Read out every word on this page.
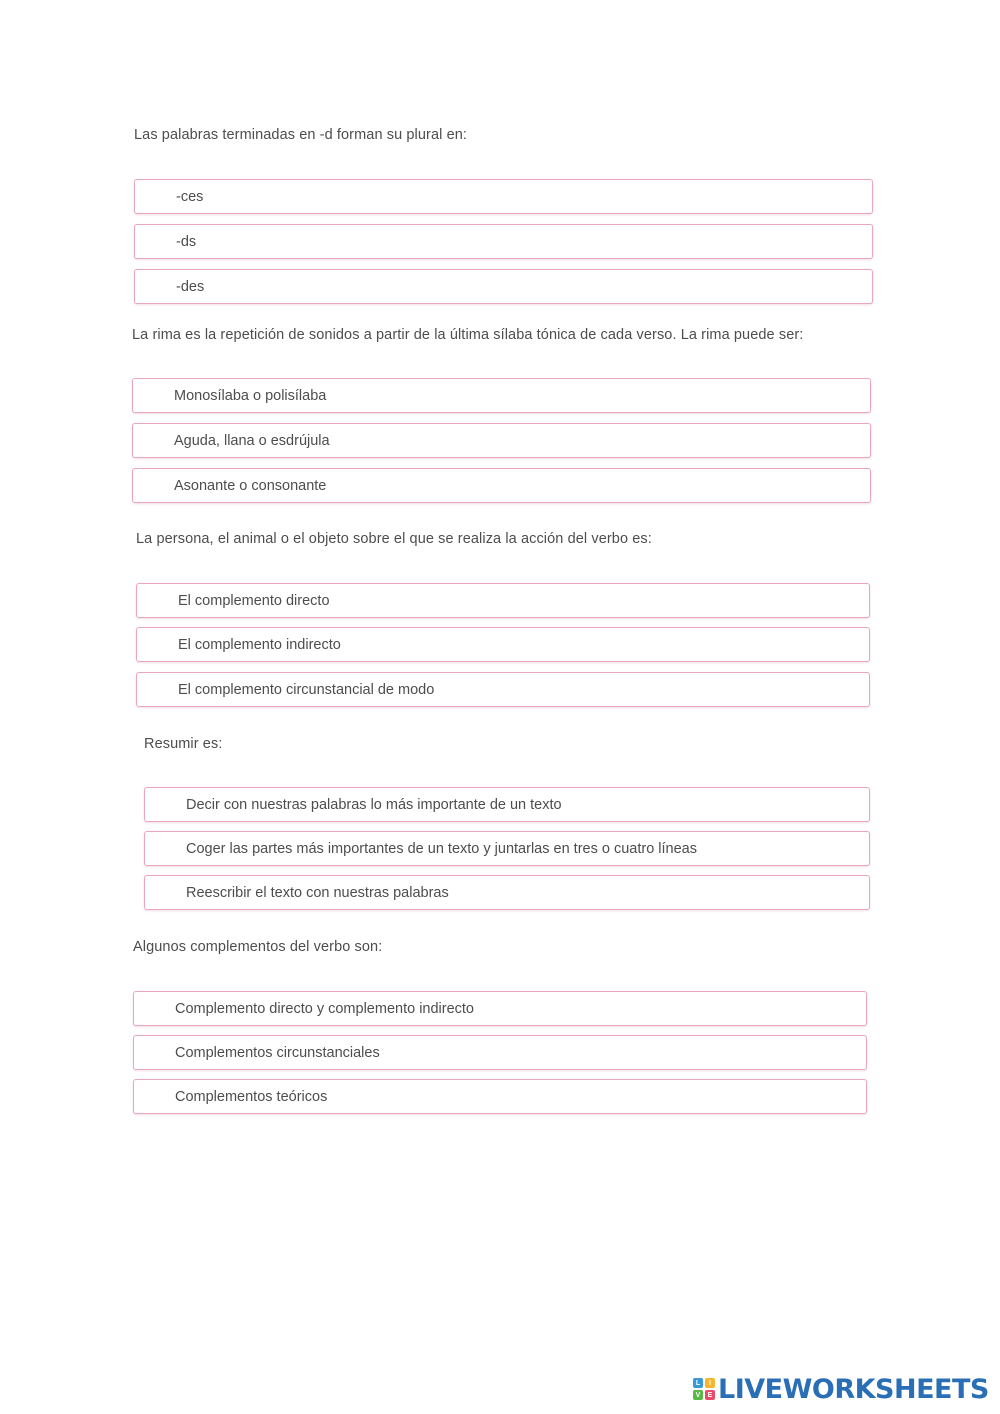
Las palabras terminadas en -d forman su plural en:
-ces
-ds
-des
La rima es la repetición de sonidos a partir de la última sílaba tónica de cada verso. La rima puede ser:
Monosílaba o polisílaba
Aguda, llana o esdrújula
Asonante o consonante
La persona, el animal o el objeto sobre el que se realiza la acción del verbo es:
El complemento directo
El complemento indirecto
El complemento circunstancial de modo
Resumir es:
Decir con nuestras palabras lo más importante de un texto
Coger las partes más importantes de un texto y juntarlas en tres o cuatro líneas
Reescribir el texto con nuestras palabras
Algunos complementos del verbo son:
Complemento directo y complemento indirecto
Complementos circunstanciales
Complementos teóricos
L	I
V	E LIVEWORKSHEETS
